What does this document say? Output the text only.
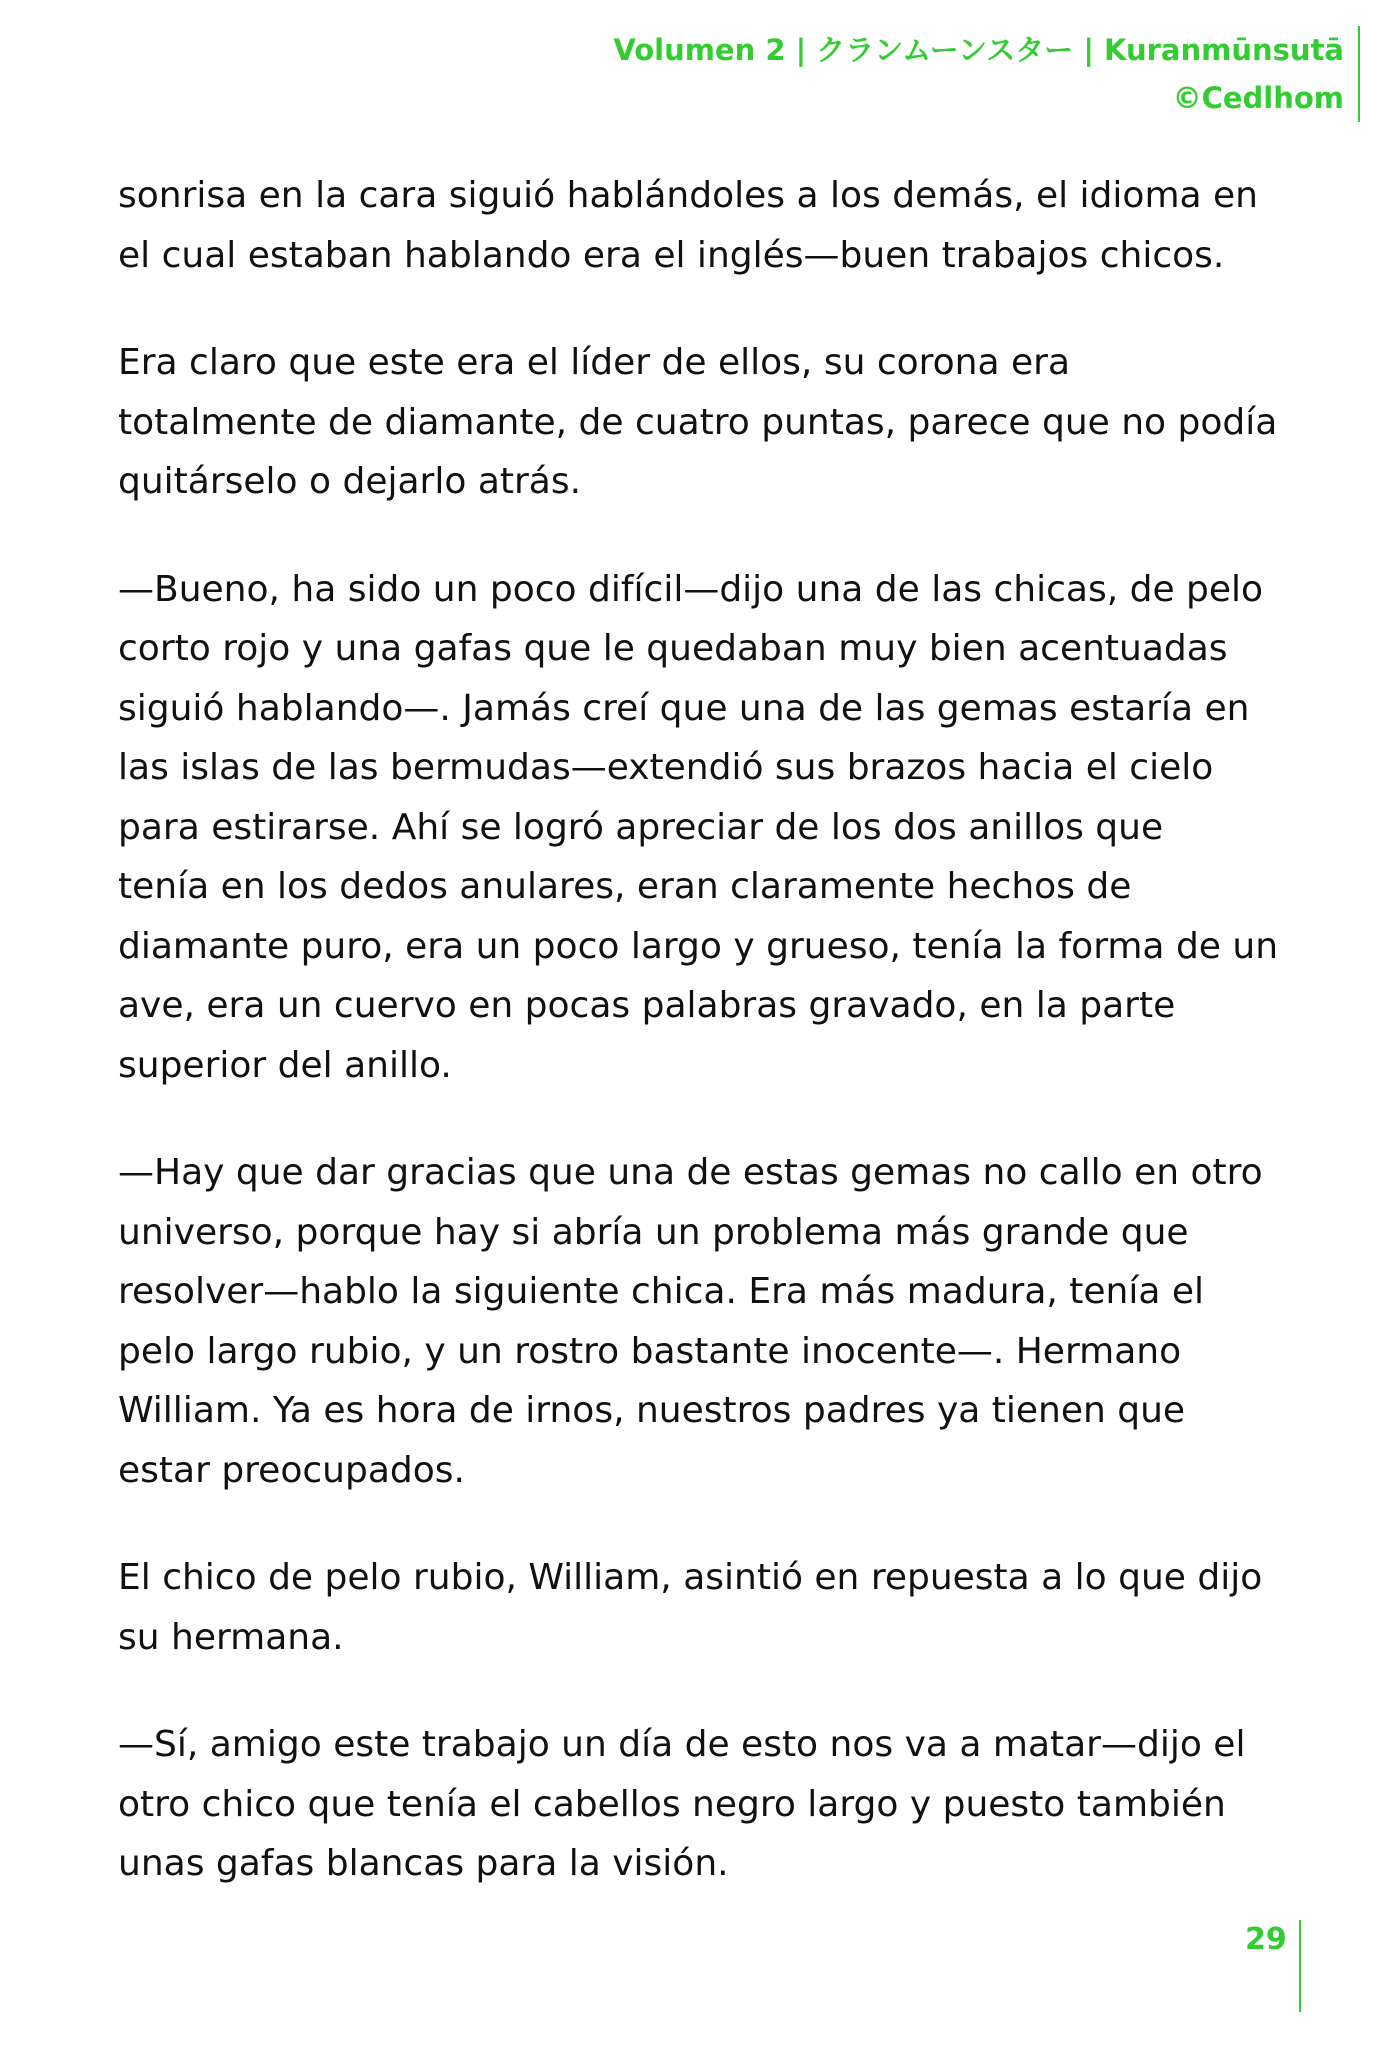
Volumen 2 | クランムーンスター | Kuranmūnsutā
©Cedlhom

sonrisa en la cara siguió hablándoles a los demás, el idioma en
el cual estaban hablando era el inglés—buen trabajos chicos.

Era claro que este era el líder de ellos, su corona era
totalmente de diamante, de cuatro puntas, parece que no podía
quitárselo o dejarlo atrás.

—Bueno, ha sido un poco difícil—dijo una de las chicas, de pelo
corto rojo y una gafas que le quedaban muy bien acentuadas
siguió hablando—. Jamás creí que una de las gemas estaría en
las islas de las bermudas—extendió sus brazos hacia el cielo
para estirarse. Ahí se logró apreciar de los dos anillos que
tenía en los dedos anulares, eran claramente hechos de
diamante puro, era un poco largo y grueso, tenía la forma de un
ave, era un cuervo en pocas palabras gravado, en la parte
superior del anillo.

—Hay que dar gracias que una de estas gemas no callo en otro
universo, porque hay si abría un problema más grande que
resolver—hablo la siguiente chica. Era más madura, tenía el
pelo largo rubio, y un rostro bastante inocente—. Hermano
William. Ya es hora de irnos, nuestros padres ya tienen que
estar preocupados.

El chico de pelo rubio, William, asintió en repuesta a lo que dijo
su hermana.

—Sí, amigo este trabajo un día de esto nos va a matar—dijo el
otro chico que tenía el cabellos negro largo y puesto también
unas gafas blancas para la visión.

29
